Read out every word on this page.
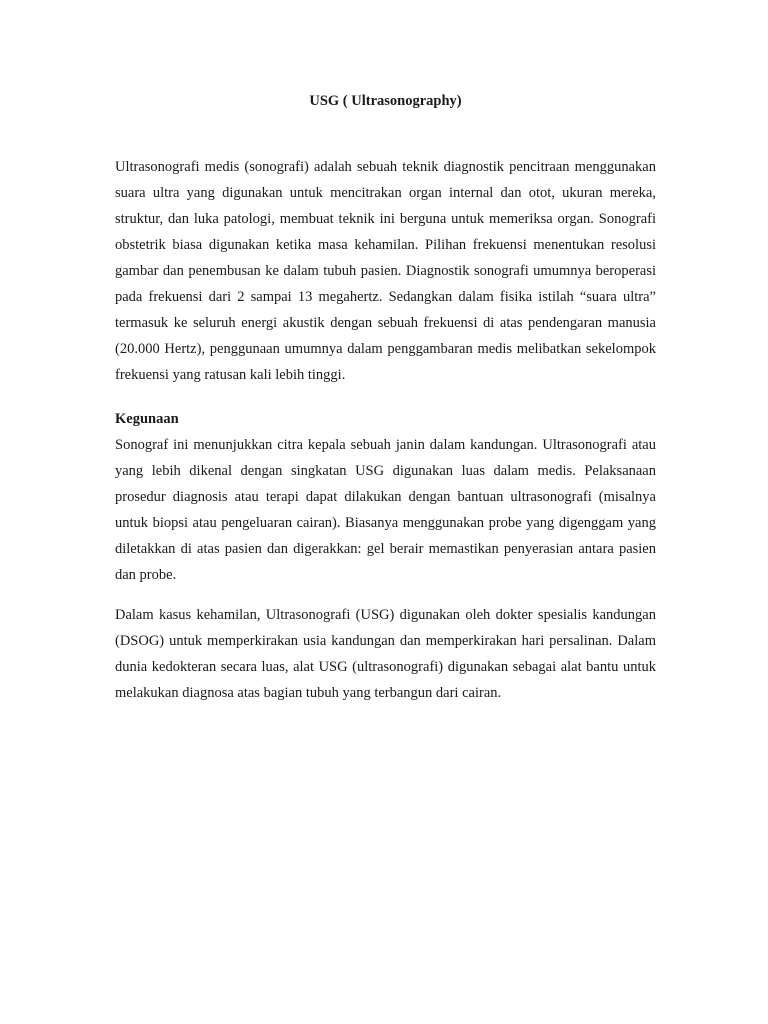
USG ( Ultrasonography)

Ultrasonografi medis (sonografi) adalah sebuah teknik diagnostik pencitraan menggunakan suara ultra yang digunakan untuk mencitrakan organ internal dan otot, ukuran mereka, struktur, dan luka patologi, membuat teknik ini berguna untuk memeriksa organ. Sonografi obstetrik biasa digunakan ketika masa kehamilan. Pilihan frekuensi menentukan resolusi gambar dan penembusan ke dalam tubuh pasien. Diagnostik sonografi umumnya beroperasi pada frekuensi dari 2 sampai 13 megahertz. Sedangkan dalam fisika istilah “suara ultra” termasuk ke seluruh energi akustik dengan sebuah frekuensi di atas pendengaran manusia (20.000 Hertz), penggunaan umumnya dalam penggambaran medis melibatkan sekelompok frekuensi yang ratusan kali lebih tinggi.

Kegunaan

Sonograf ini menunjukkan citra kepala sebuah janin dalam kandungan. Ultrasonografi atau yang lebih dikenal dengan singkatan USG digunakan luas dalam medis. Pelaksanaan prosedur diagnosis atau terapi dapat dilakukan dengan bantuan ultrasonografi (misalnya untuk biopsi atau pengeluaran cairan). Biasanya menggunakan probe yang digenggam yang diletakkan di atas pasien dan digerakkan: gel berair memastikan penyerasian antara pasien dan probe.

Dalam kasus kehamilan, Ultrasonografi (USG) digunakan oleh dokter spesialis kandungan (DSOG) untuk memperkirakan usia kandungan dan memperkirakan hari persalinan. Dalam dunia kedokteran secara luas, alat USG (ultrasonografi) digunakan sebagai alat bantu untuk melakukan diagnosa atas bagian tubuh yang terbangun dari cairan.
